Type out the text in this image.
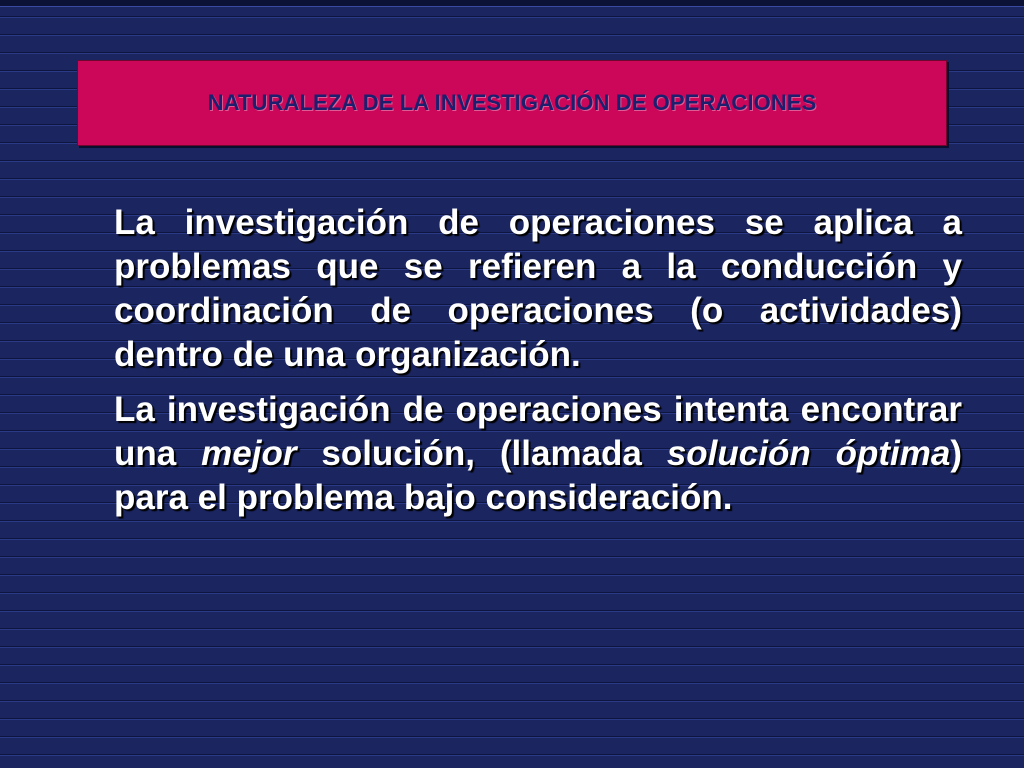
NATURALEZA DE LA INVESTIGACIÓN DE OPERACIONES

La investigación de operaciones se aplica a problemas que se refieren a la conducción y coordinación de operaciones (o actividades) dentro de una organización.

La investigación de operaciones intenta encontrar una mejor solución, (llamada solución óptima) para el problema bajo consideración.
